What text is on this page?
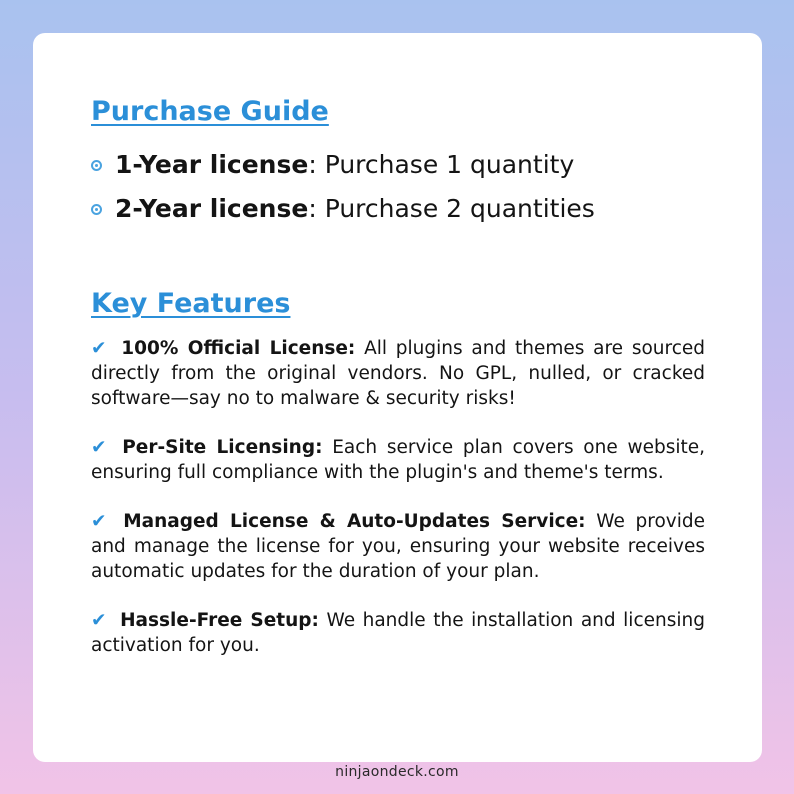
Purchase Guide
1-Year license : Purchase 1 quantity
2-Year license : Purchase 2 quantities
Key Features

✔ 100% Official License: All plugins and themes are sourced directly from the original vendors. No GPL, nulled, or cracked software—say no to malware & security risks!

✔ Per-Site Licensing: Each service plan covers one website, ensuring full compliance with the plugin's and theme's terms.

✔ Managed License & Auto-Updates Service: We provide and manage the license for you, ensuring your website receives automatic updates for the duration of your plan.

✔ Hassle-Free Setup: We handle the installation and licensing activation for you.

ninjaondeck.com
